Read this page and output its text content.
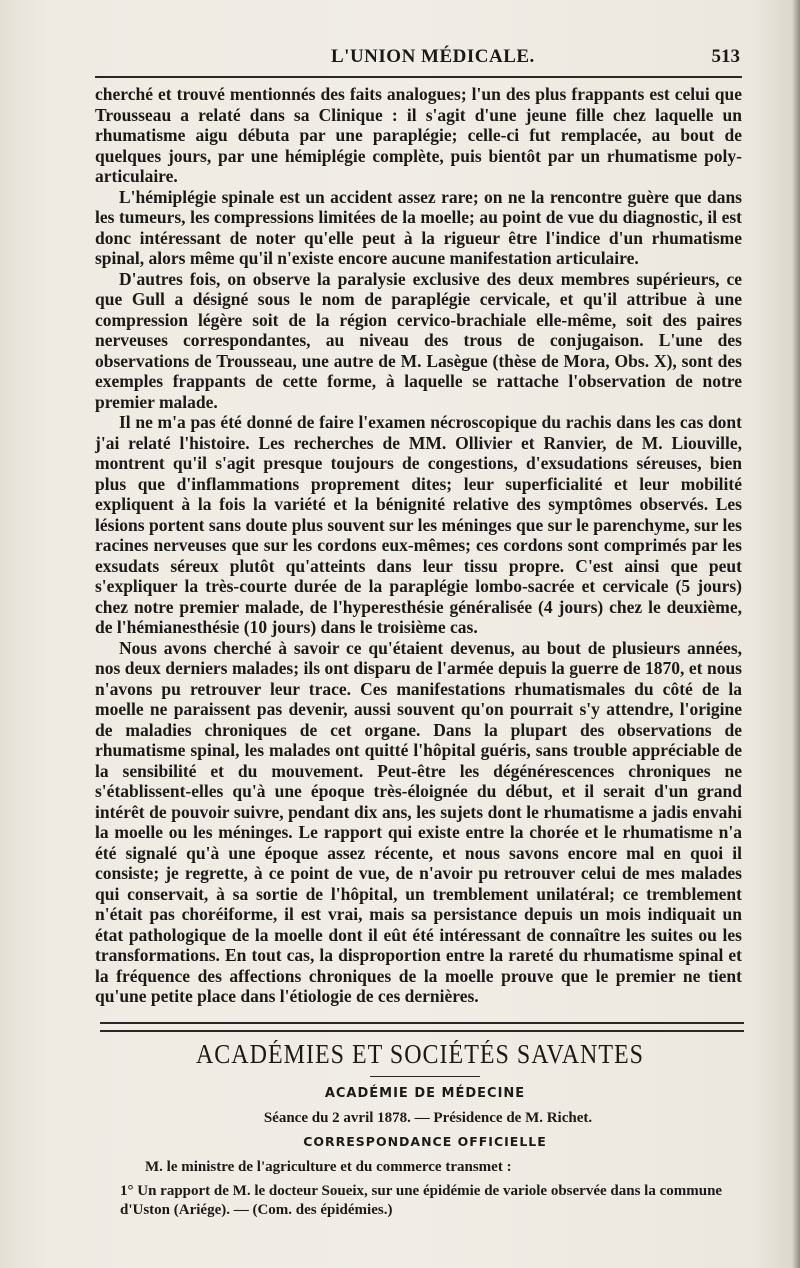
L'UNION MÉDICALE.	513

cherché et trouvé mentionnés des faits analogues; l'un des plus frappants est celui que Trousseau a relaté dans sa Clinique : il s'agit d'une jeune fille chez laquelle un rhumatisme aigu débuta par une paraplégie; celle-ci fut remplacée, au bout de quelques jours, par une hémiplégie complète, puis bientôt par un rhumatisme poly-articulaire.

L'hémiplégie spinale est un accident assez rare; on ne la rencontre guère que dans les tumeurs, les compressions limitées de la moelle; au point de vue du diagnostic, il est donc intéressant de noter qu'elle peut à la rigueur être l'indice d'un rhumatisme spinal, alors même qu'il n'existe encore aucune manifestation articulaire.

D'autres fois, on observe la paralysie exclusive des deux membres supérieurs, ce que Gull a désigné sous le nom de paraplégie cervicale, et qu'il attribue à une compression légère soit de la région cervico-brachiale elle-même, soit des paires nerveuses correspondantes, au niveau des trous de conjugaison. L'une des observations de Trousseau, une autre de M. Lasègue (thèse de Mora, Obs. X), sont des exemples frappants de cette forme, à laquelle se rattache l'observation de notre premier malade.

Il ne m'a pas été donné de faire l'examen nécroscopique du rachis dans les cas dont j'ai relaté l'histoire. Les recherches de MM. Ollivier et Ranvier, de M. Liouville, montrent qu'il s'agit presque toujours de congestions, d'exsudations séreuses, bien plus que d'inflammations proprement dites; leur superficialité et leur mobilité expliquent à la fois la variété et la bénignité relative des symptômes observés. Les lésions portent sans doute plus souvent sur les méninges que sur le parenchyme, sur les racines nerveuses que sur les cordons eux-mêmes; ces cordons sont comprimés par les exsudats séreux plutôt qu'atteints dans leur tissu propre. C'est ainsi que peut s'expliquer la très-courte durée de la paraplégie lombo-sacrée et cervicale (5 jours) chez notre premier malade, de l'hyperesthésie généralisée (4 jours) chez le deuxième, de l'hémianesthésie (10 jours) dans le troisième cas.

Nous avons cherché à savoir ce qu'étaient devenus, au bout de plusieurs années, nos deux derniers malades; ils ont disparu de l'armée depuis la guerre de 1870, et nous n'avons pu retrouver leur trace. Ces manifestations rhumatismales du côté de la moelle ne paraissent pas devenir, aussi souvent qu'on pourrait s'y attendre, l'origine de maladies chroniques de cet organe. Dans la plupart des observations de rhumatisme spinal, les malades ont quitté l'hôpital guéris, sans trouble appréciable de la sensibilité et du mouvement. Peut-être les dégénérescences chroniques ne s'établissent-elles qu'à une époque très-éloignée du début, et il serait d'un grand intérêt de pouvoir suivre, pendant dix ans, les sujets dont le rhumatisme a jadis envahi la moelle ou les méninges. Le rapport qui existe entre la chorée et le rhumatisme n'a été signalé qu'à une époque assez récente, et nous savons encore mal en quoi il consiste; je regrette, à ce point de vue, de n'avoir pu retrouver celui de mes malades qui conservait, à sa sortie de l'hôpital, un tremblement unilatéral; ce tremblement n'était pas choréiforme, il est vrai, mais sa persistance depuis un mois indiquait un état pathologique de la moelle dont il eût été intéressant de connaître les suites ou les transformations. En tout cas, la disproportion entre la rareté du rhumatisme spinal et la fréquence des affections chroniques de la moelle prouve que le premier ne tient qu'une petite place dans l'étiologie de ces dernières.

ACADÉMIES ET SOCIÉTÉS SAVANTES
ACADÉMIE DE MÉDECINE
Séance du 2 avril 1878. — Présidence de M. Richet.
CORRESPONDANCE OFFICIELLE
M. le ministre de l'agriculture et du commerce transmet :
1° Un rapport de M. le docteur Soueix, sur une épidémie de variole observée dans la commune d'Uston (Ariége). — (Com. des épidémies.)
